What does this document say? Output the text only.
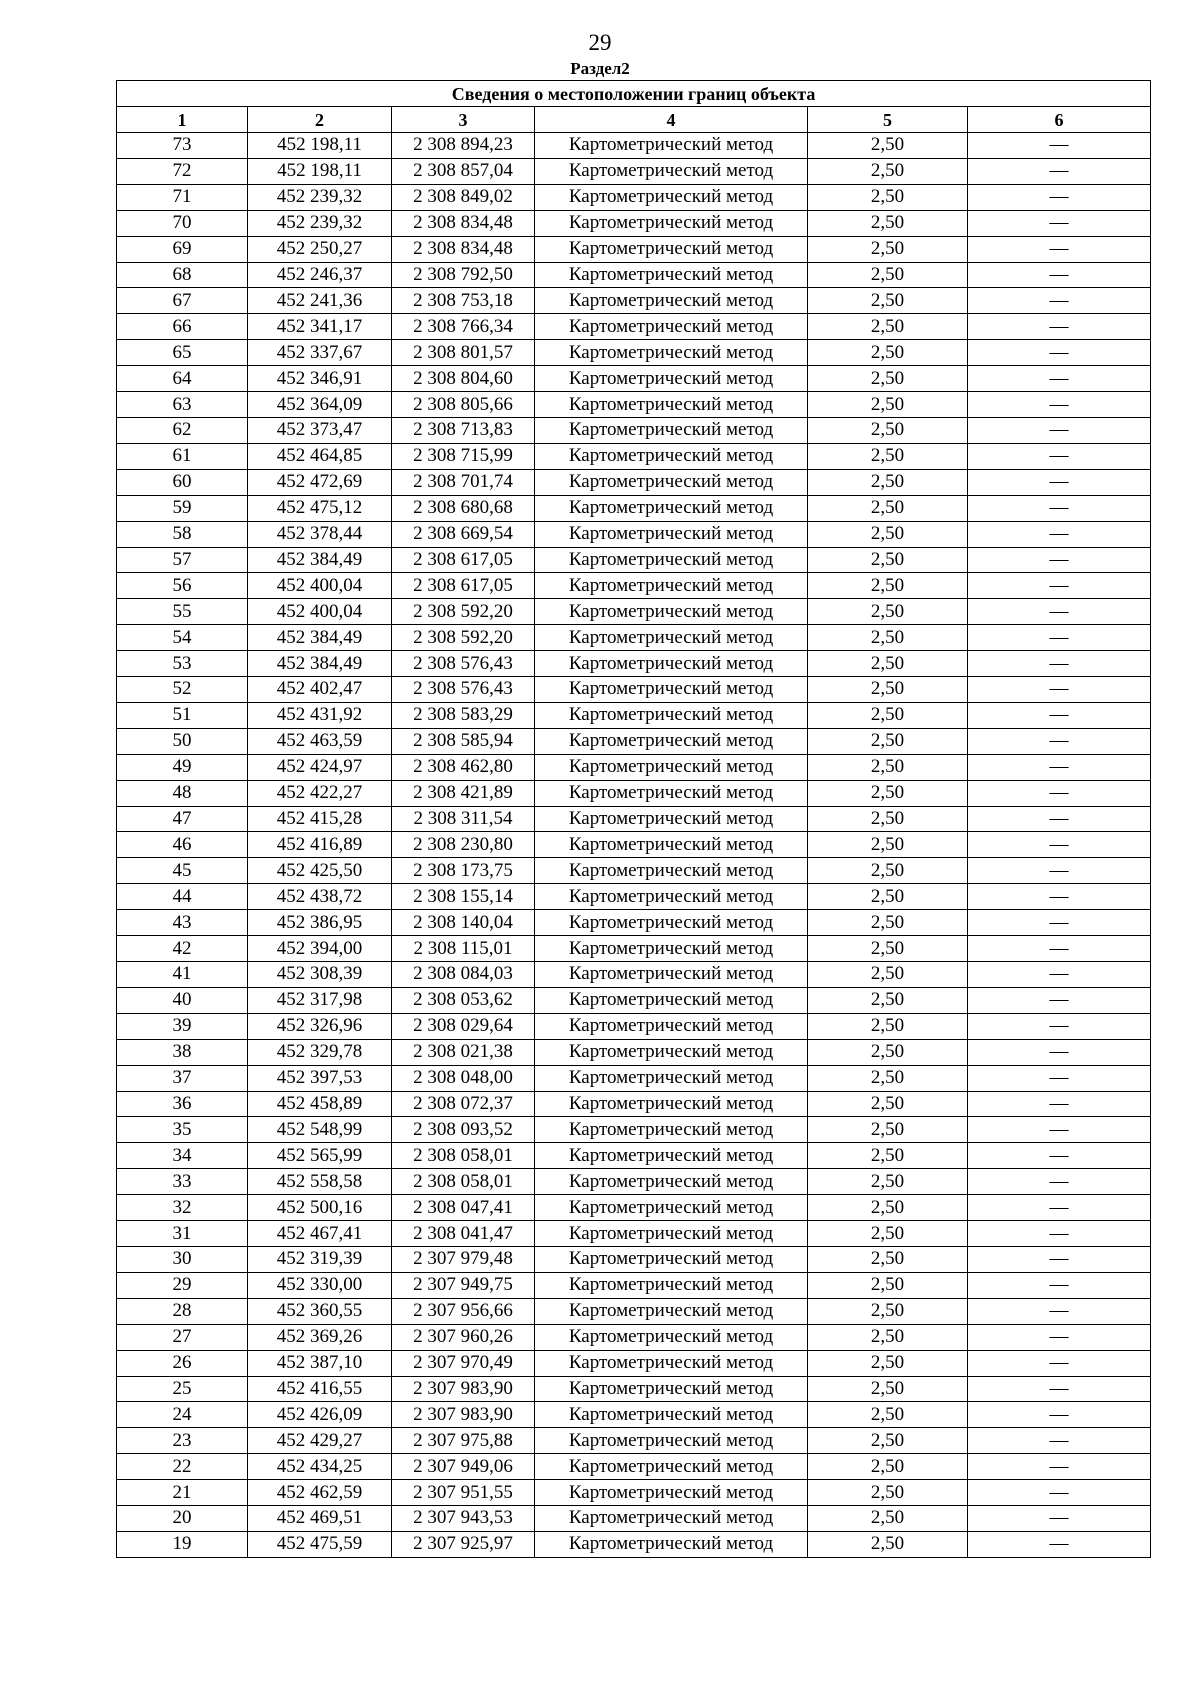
29
Раздел2
Сведения о местоположении границ объекта					
1	2	3	4	5	6
73	452 198,11	2 308 894,23	Картометрический метод	2,50	—
72	452 198,11	2 308 857,04	Картометрический метод	2,50	—
71	452 239,32	2 308 849,02	Картометрический метод	2,50	—
70	452 239,32	2 308 834,48	Картометрический метод	2,50	—
69	452 250,27	2 308 834,48	Картометрический метод	2,50	—
68	452 246,37	2 308 792,50	Картометрический метод	2,50	—
67	452 241,36	2 308 753,18	Картометрический метод	2,50	—
66	452 341,17	2 308 766,34	Картометрический метод	2,50	—
65	452 337,67	2 308 801,57	Картометрический метод	2,50	—
64	452 346,91	2 308 804,60	Картометрический метод	2,50	—
63	452 364,09	2 308 805,66	Картометрический метод	2,50	—
62	452 373,47	2 308 713,83	Картометрический метод	2,50	—
61	452 464,85	2 308 715,99	Картометрический метод	2,50	—
60	452 472,69	2 308 701,74	Картометрический метод	2,50	—
59	452 475,12	2 308 680,68	Картометрический метод	2,50	—
58	452 378,44	2 308 669,54	Картометрический метод	2,50	—
57	452 384,49	2 308 617,05	Картометрический метод	2,50	—
56	452 400,04	2 308 617,05	Картометрический метод	2,50	—
55	452 400,04	2 308 592,20	Картометрический метод	2,50	—
54	452 384,49	2 308 592,20	Картометрический метод	2,50	—
53	452 384,49	2 308 576,43	Картометрический метод	2,50	—
52	452 402,47	2 308 576,43	Картометрический метод	2,50	—
51	452 431,92	2 308 583,29	Картометрический метод	2,50	—
50	452 463,59	2 308 585,94	Картометрический метод	2,50	—
49	452 424,97	2 308 462,80	Картометрический метод	2,50	—
48	452 422,27	2 308 421,89	Картометрический метод	2,50	—
47	452 415,28	2 308 311,54	Картометрический метод	2,50	—
46	452 416,89	2 308 230,80	Картометрический метод	2,50	—
45	452 425,50	2 308 173,75	Картометрический метод	2,50	—
44	452 438,72	2 308 155,14	Картометрический метод	2,50	—
43	452 386,95	2 308 140,04	Картометрический метод	2,50	—
42	452 394,00	2 308 115,01	Картометрический метод	2,50	—
41	452 308,39	2 308 084,03	Картометрический метод	2,50	—
40	452 317,98	2 308 053,62	Картометрический метод	2,50	—
39	452 326,96	2 308 029,64	Картометрический метод	2,50	—
38	452 329,78	2 308 021,38	Картометрический метод	2,50	—
37	452 397,53	2 308 048,00	Картометрический метод	2,50	—
36	452 458,89	2 308 072,37	Картометрический метод	2,50	—
35	452 548,99	2 308 093,52	Картометрический метод	2,50	—
34	452 565,99	2 308 058,01	Картометрический метод	2,50	—
33	452 558,58	2 308 058,01	Картометрический метод	2,50	—
32	452 500,16	2 308 047,41	Картометрический метод	2,50	—
31	452 467,41	2 308 041,47	Картометрический метод	2,50	—
30	452 319,39	2 307 979,48	Картометрический метод	2,50	—
29	452 330,00	2 307 949,75	Картометрический метод	2,50	—
28	452 360,55	2 307 956,66	Картометрический метод	2,50	—
27	452 369,26	2 307 960,26	Картометрический метод	2,50	—
26	452 387,10	2 307 970,49	Картометрический метод	2,50	—
25	452 416,55	2 307 983,90	Картометрический метод	2,50	—
24	452 426,09	2 307 983,90	Картометрический метод	2,50	—
23	452 429,27	2 307 975,88	Картометрический метод	2,50	—
22	452 434,25	2 307 949,06	Картометрический метод	2,50	—
21	452 462,59	2 307 951,55	Картометрический метод	2,50	—
20	452 469,51	2 307 943,53	Картометрический метод	2,50	—
19	452 475,59	2 307 925,97	Картометрический метод	2,50	—
